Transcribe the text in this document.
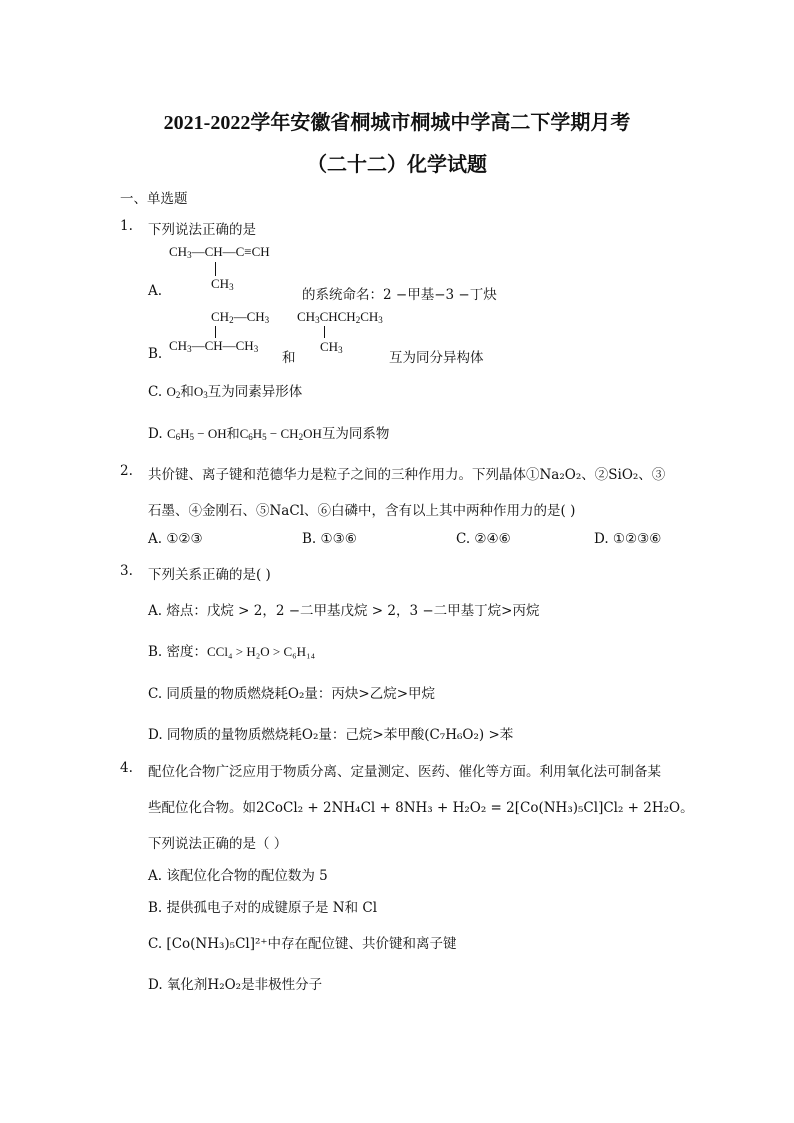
2021-2022学年安徽省桐城市桐城中学高二下学期月考
（二十二）化学试题
一、单选题
1. 下列说法正确的是
$CH_3—CH—C\equiv CH$
$CH_3$
A.	的系统命名：2 −甲基−3 −丁炔
$CH_2—CH_3$
$CH_3—CH—CH_3$
$CH_3CHCH_2CH_3$
$CH_3$
B.	和	互为同分异构体
C. $O_2$和$O_3$互为同素异形体
D. $C_6H_5$ − OH和$C_6H_5 - CH_2OH$互为同系物
2. 共价键、离子键和范德华力是粒子之间的三种作用力。下列晶体①Na₂O₂、②SiO₂、③
石墨、④金刚石、⑤NaCl、⑥白磷中，含有以上其中两种作用力的是( )
A. ①②③	B. ①③⑥	C. ②④⑥	D. ①②③⑥
3. 下列关系正确的是( )
A. 熔点：戊烷 > 2，2 −二甲基戊烷 > 2，3 −二甲基丁烷>丙烷
B. 密度：CCl₄ > H₂O > C₆H₁₄
C. 同质量的物质燃烧耗O₂量：丙炔>乙烷>甲烷
D. 同物质的量物质燃烧耗O₂量：己烷>苯甲酸(C₇H₆O₂) >苯
4. 配位化合物广泛应用于物质分离、定量测定、医药、催化等方面。利用氧化法可制备某
些配位化合物。如2CoCl₂ + 2NH₄Cl + 8NH₃ + H₂O₂ = 2[Co(NH₃)₅Cl]Cl₂ + 2H₂O。
下列说法正确的是（ ）
A. 该配位化合物的配位数为 5
B. 提供孤电子对的成键原子是 N和 Cl
C. [Co(NH₃)₅Cl]²⁺中存在配位键、共价键和离子键
D. 氧化剂H₂O₂是非极性分子
